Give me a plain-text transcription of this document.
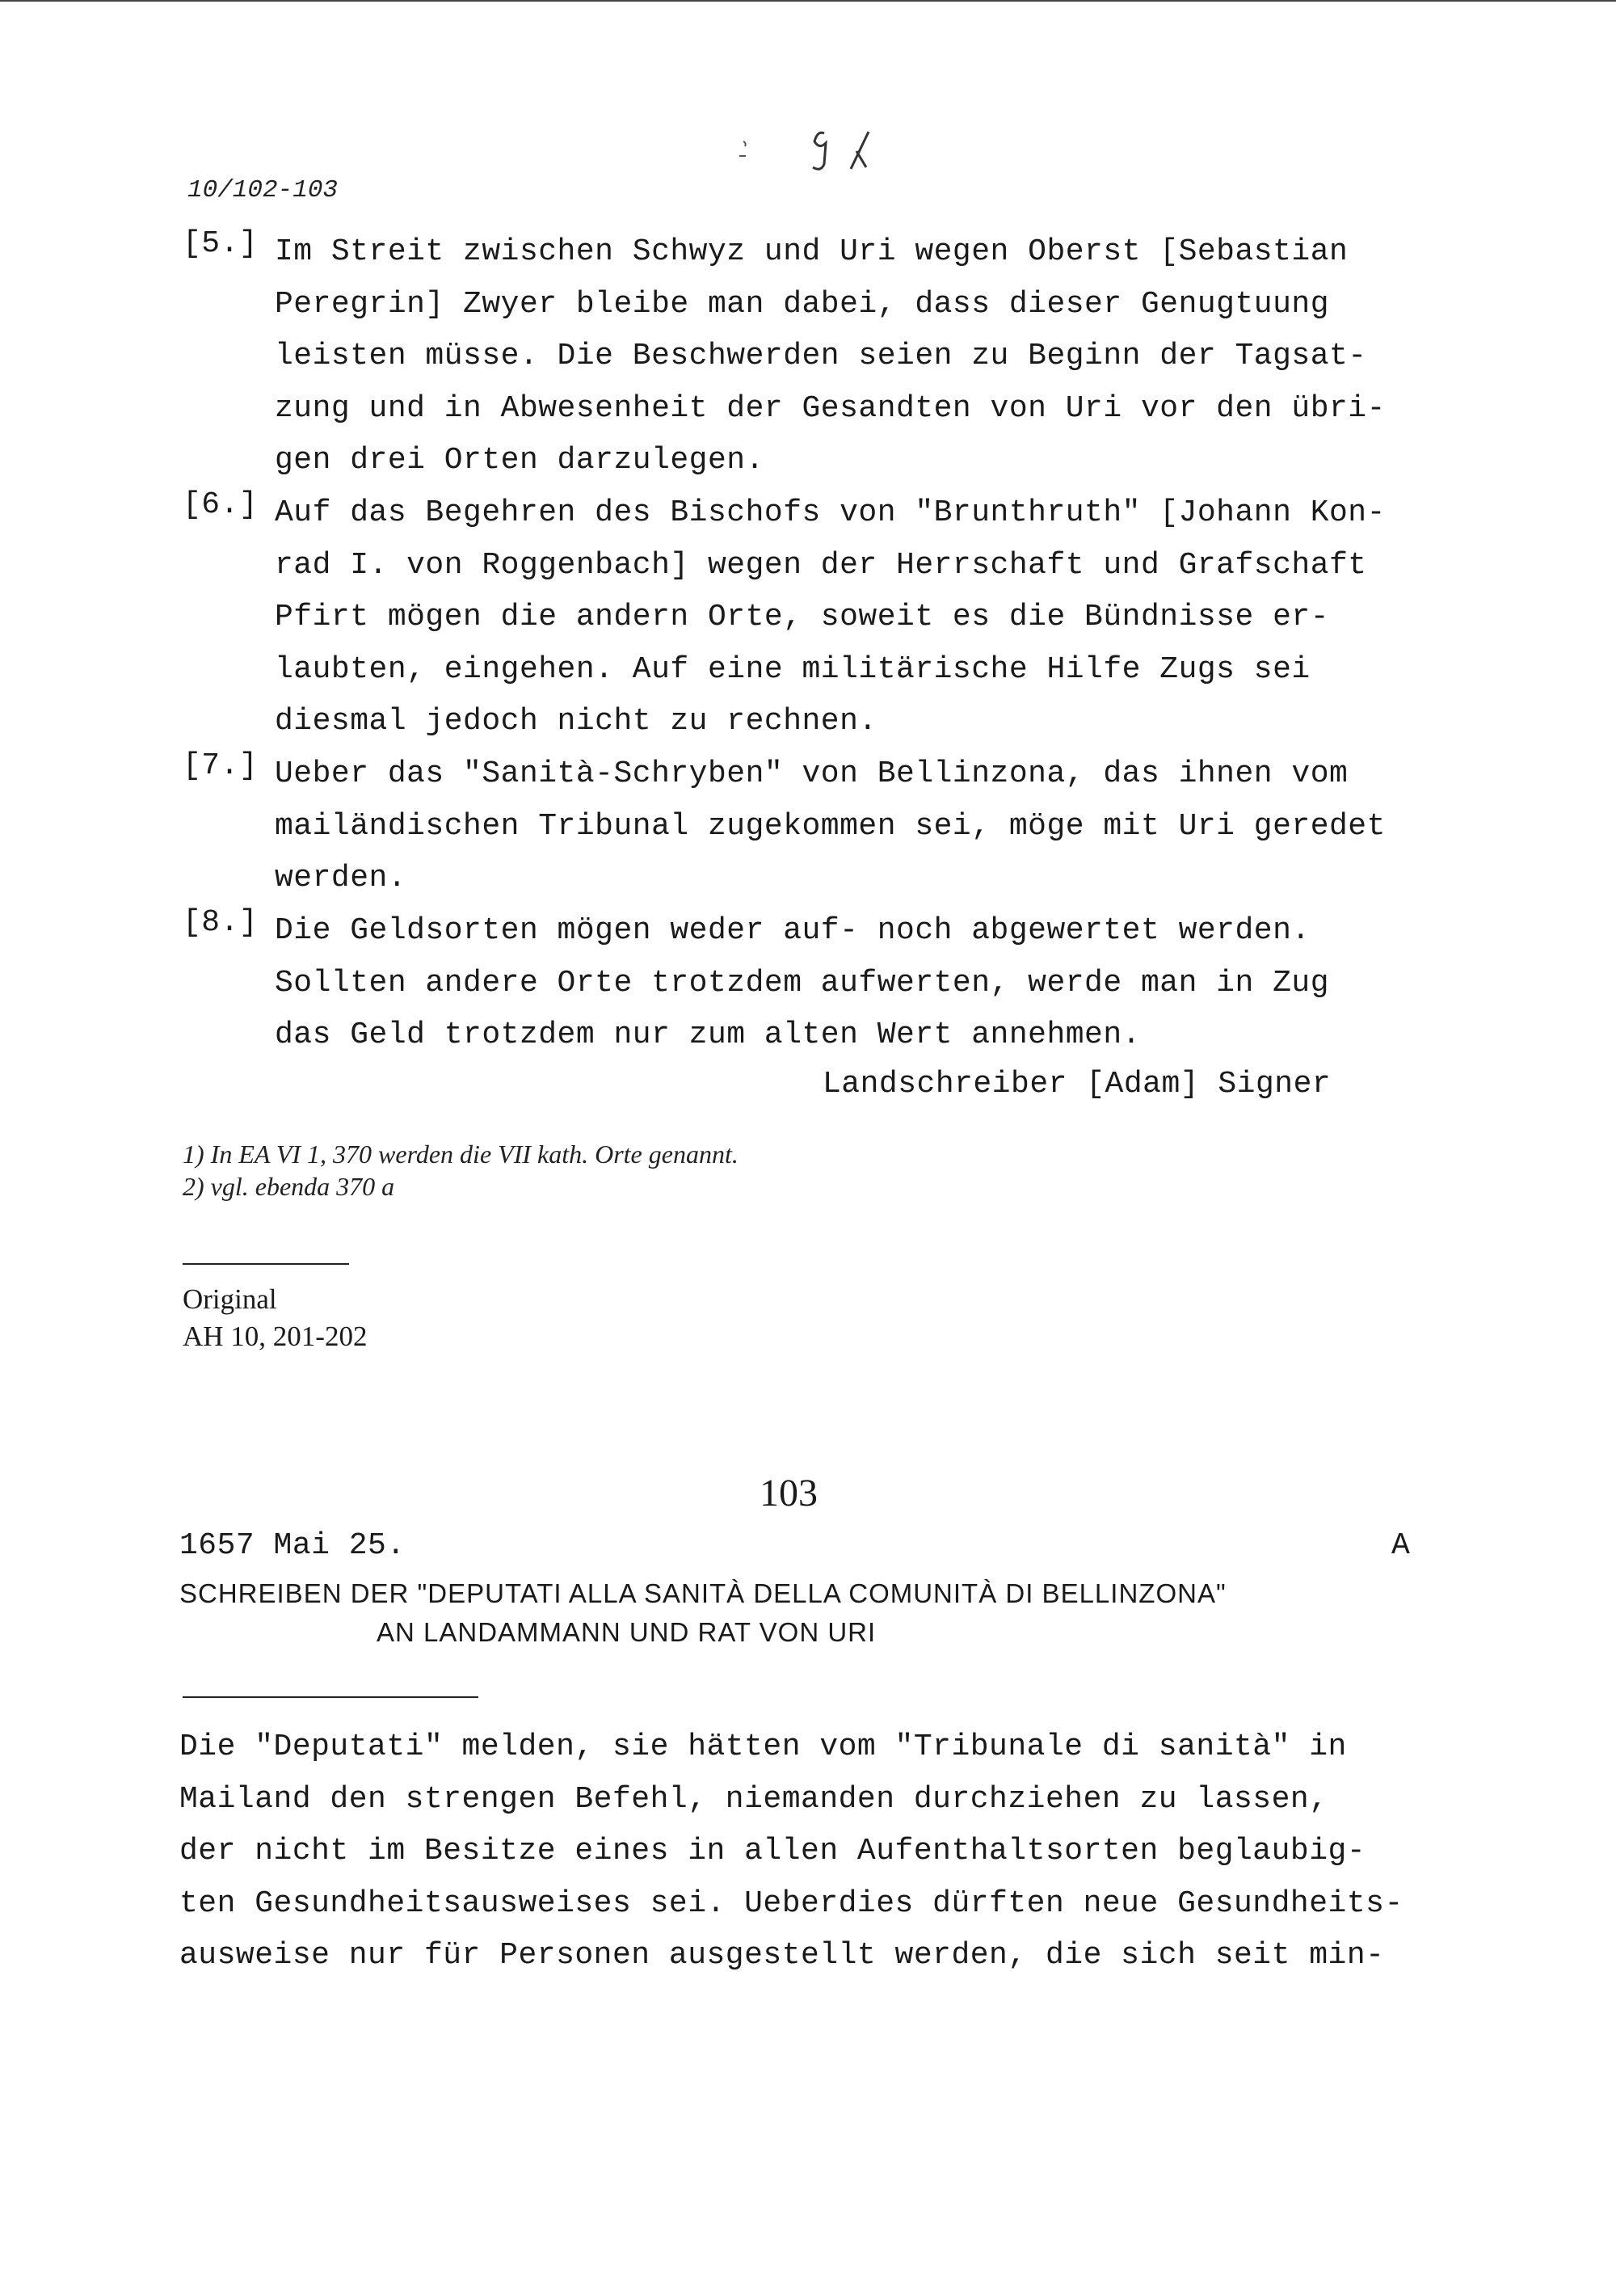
10/102-103
[5.] Im Streit zwischen Schwyz und Uri wegen Oberst [Sebastian
Peregrin] Zwyer bleibe man dabei, dass dieser Genugtuung
leisten müsse. Die Beschwerden seien zu Beginn der Tagsat-
zung und in Abwesenheit der Gesandten von Uri vor den übri-
gen drei Orten darzulegen.
[6.] Auf das Begehren des Bischofs von "Brunthruth" [Johann Kon-
rad I. von Roggenbach] wegen der Herrschaft und Grafschaft
Pfirt mögen die andern Orte, soweit es die Bündnisse er-
laubten, eingehen. Auf eine militärische Hilfe Zugs sei
diesmal jedoch nicht zu rechnen.
[7.] Ueber das "Sanità-Schryben" von Bellinzona, das ihnen vom
mailändischen Tribunal zugekommen sei, möge mit Uri geredet
werden.
[8.] Die Geldsorten mögen weder auf- noch abgewertet werden.
Sollten andere Orte trotzdem aufwerten, werde man in Zug
das Geld trotzdem nur zum alten Wert annehmen.
Landschreiber [Adam] Signer
1) In EA VI 1, 370 werden die VII kath. Orte genannt.
2) vgl. ebenda 370 a
Original
AH 10, 201-202
103
1657 Mai 25.	A
SCHREIBEN DER "DEPUTATI ALLA SANITÀ DELLA COMUNITÀ DI BELLINZONA"
AN LANDAMMANN UND RAT VON URI
Die "Deputati" melden, sie hätten vom "Tribunale di sanità" in
Mailand den strengen Befehl, niemanden durchziehen zu lassen,
der nicht im Besitze eines in allen Aufenthaltsorten beglaubig-
ten Gesundheitsausweises sei. Ueberdies dürften neue Gesundheits-
ausweise nur für Personen ausgestellt werden, die sich seit min-
